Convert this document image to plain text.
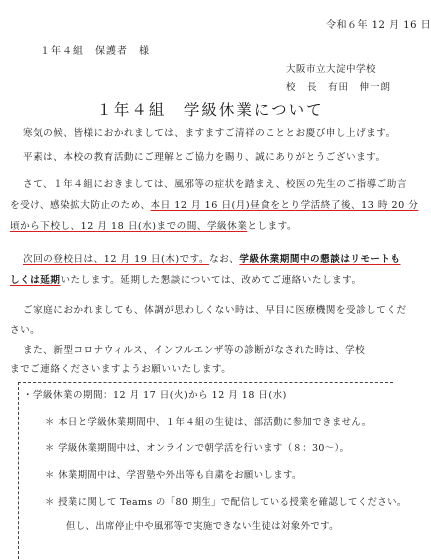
令和６年 12 月 16 日
１年４組　保護者　様
大阪市立大淀中学校
校　長　有田　伸一朗
１年４組　学級休業について
寒気の候、皆様におかれましては、ますますご清祥のこととお慶び申し上げます。
平素は、本校の教育活動にご理解とご協力を賜り、誠にありがとうございます。
さて、１年４組におきましては、風邪等の症状を踏まえ、校医の先生のご指導ご助言
を受け、感染拡大防止のため、本日 12 月 16 日(月)昼食をとり学活終了後、13 時 20 分
頃から下校し、12 月 18 日(水)までの間、学級休業とします。
次回の登校日は、12 月 19 日(木)です。なお、学級休業期間中の懇談はリモートも
しくは延期いたします。延期した懇談については、改めてご連絡いたします。
ご家庭におかれましても、体調が思わしくない時は、早目に医療機関を受診してくだ
さい。
また、新型コロナウィルス、インフルエンザ等の診断がなされた時は、学校
までご連絡くださいますようお願いいたします。
・学級休業の期間：12 月 17 日(火)から 12 月 18 日(水)
＊ 本日と学級休業期間中、１年４組の生徒は、部活動に参加できません。
＊ 学級休業期間中は、オンラインで朝学活を行います（８：30〜）。
＊ 休業期間中は、学習塾や外出等も自粛をお願いします。
＊ 授業に関して Teams の「80 期生」で配信している授業を確認してください。
但し、出席停止中や風邪等で実施できない生徒は対象外です。
